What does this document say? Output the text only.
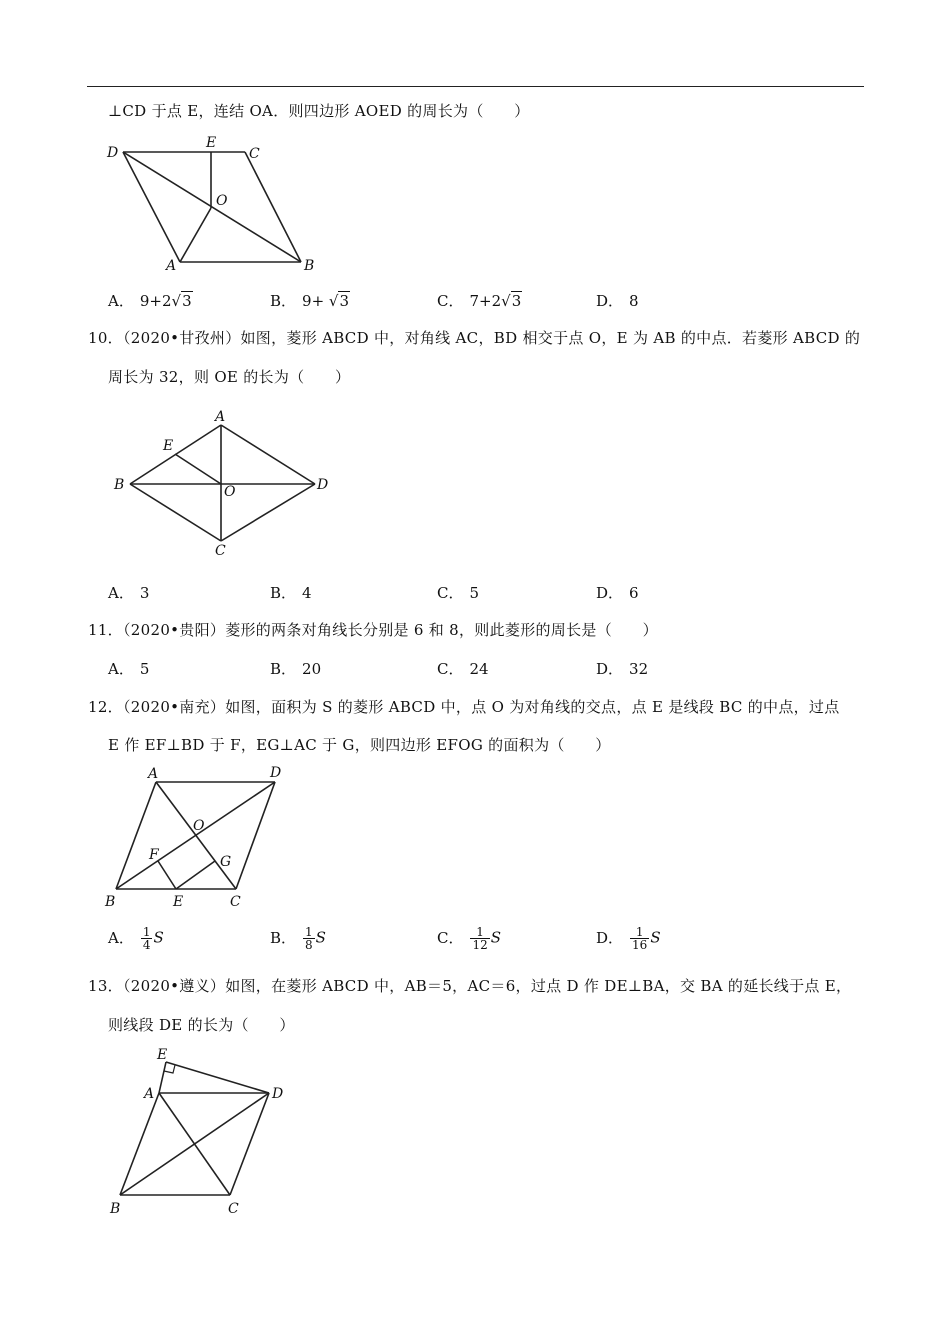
⊥CD 于点 E，连结 OA．则四边形 AOED 的周长为（　　）
D
E
C
O
A	B
A． 9+2√3	B． 9+ √3	C． 7+2√3	D． 8
10．（2020•甘孜州）如图，菱形 ABCD 中，对角线 AC，BD 相交于点 O，E 为 AB 的中点．若菱形 ABCD 的
周长为 32，则 OE 的长为（　　）
A
E
B	O	D
C
A． 3	B． 4	C． 5	D． 6
11．（2020•贵阳）菱形的两条对角线长分别是 6 和 8，则此菱形的周长是（　　）
A． 5	B． 20	C． 24	D． 32
12．（2020•南充）如图，面积为 S 的菱形 ABCD 中，点 O 为对角线的交点，点 E 是线段 BC 的中点，过点
E 作 EF⊥BD 于 F，EG⊥AC 于 G，则四边形 EFOG 的面积为（　　）
A	D
O
F	G
B	E	C
A． $\frac{1}{4}$ S	B． $\frac{1}{8}$ S	C． $\frac{1}{12}$ S	D． $\frac{1}{16}$ S
13．（2020•遵义）如图，在菱形 ABCD 中，AB＝5，AC＝6，过点 D 作 DE⊥BA，交 BA 的延长线于点 E，
则线段 DE 的长为（　　）
E
A	D
B	C
